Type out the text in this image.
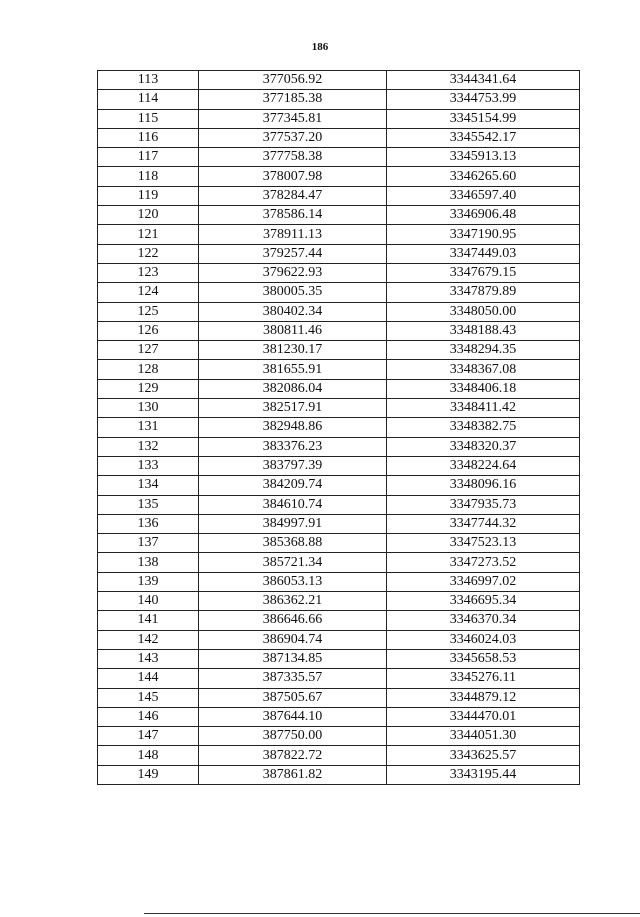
186
113	377056.92	3344341.64
114	377185.38	3344753.99
115	377345.81	3345154.99
116	377537.20	3345542.17
117	377758.38	3345913.13
118	378007.98	3346265.60
119	378284.47	3346597.40
120	378586.14	3346906.48
121	378911.13	3347190.95
122	379257.44	3347449.03
123	379622.93	3347679.15
124	380005.35	3347879.89
125	380402.34	3348050.00
126	380811.46	3348188.43
127	381230.17	3348294.35
128	381655.91	3348367.08
129	382086.04	3348406.18
130	382517.91	3348411.42
131	382948.86	3348382.75
132	383376.23	3348320.37
133	383797.39	3348224.64
134	384209.74	3348096.16
135	384610.74	3347935.73
136	384997.91	3347744.32
137	385368.88	3347523.13
138	385721.34	3347273.52
139	386053.13	3346997.02
140	386362.21	3346695.34
141	386646.66	3346370.34
142	386904.74	3346024.03
143	387134.85	3345658.53
144	387335.57	3345276.11
145	387505.67	3344879.12
146	387644.10	3344470.01
147	387750.00	3344051.30
148	387822.72	3343625.57
149	387861.82	3343195.44
